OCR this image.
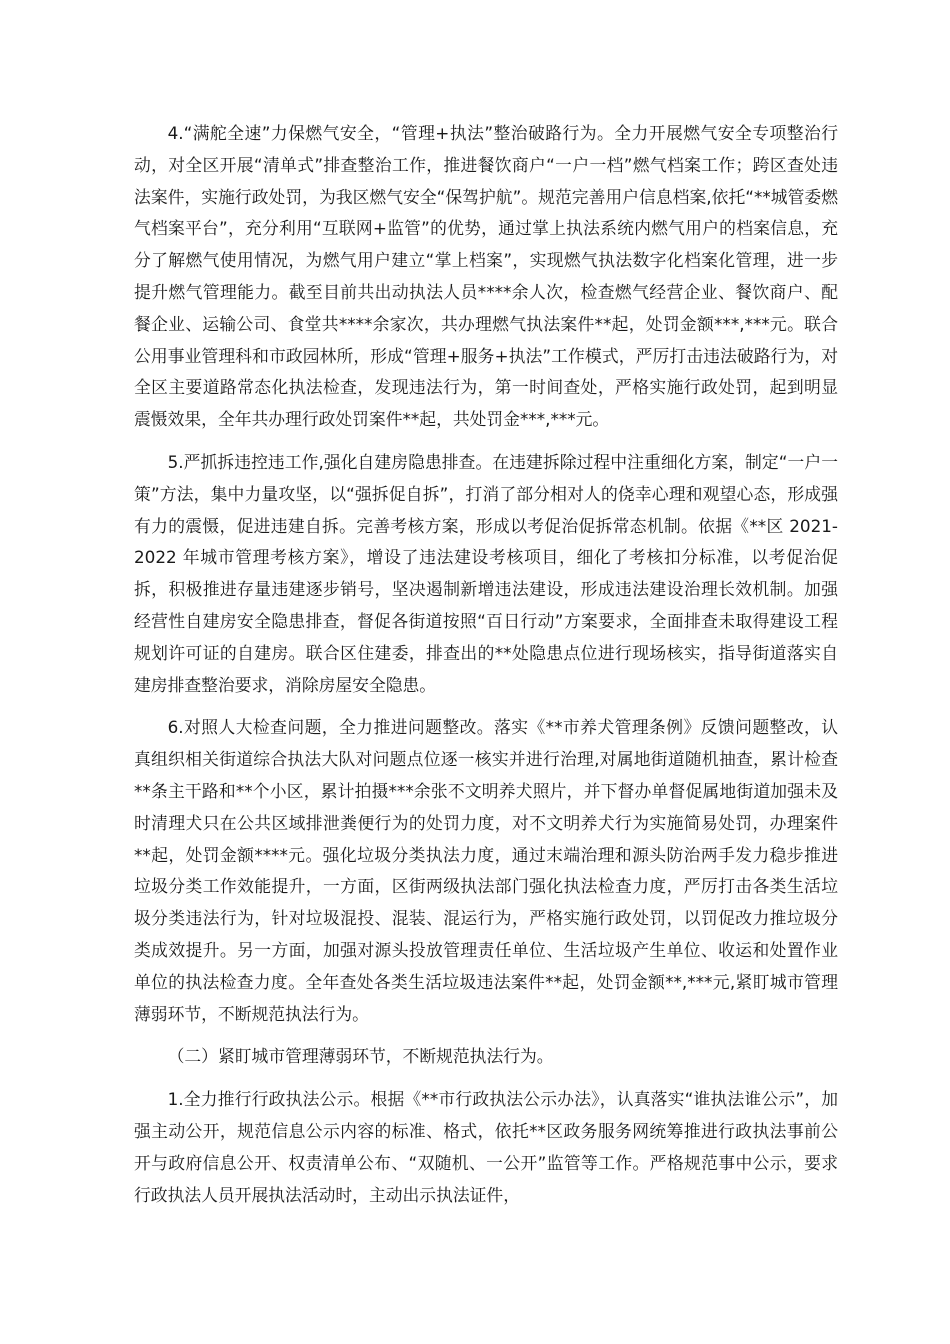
4.“满舵全速”力保燃气安全，“管理+执法”整治破路行为。全力开展燃气安全专项整治行动，对全区开展“清单式”排查整治工作，推进餐饮商户“一户一档”燃气档案工作；跨区查处违法案件，实施行政处罚，为我区燃气安全“保驾护航”。规范完善用户信息档案,依托“**城管委燃气档案平台”，充分利用“互联网+监管”的优势，通过掌上执法系统内燃气用户的档案信息，充分了解燃气使用情况，为燃气用户建立“掌上档案”，实现燃气执法数字化档案化管理，进一步提升燃气管理能力。截至目前共出动执法人员****余人次，检查燃气经营企业、餐饮商户、配餐企业、运输公司、食堂共****余家次，共办理燃气执法案件**起，处罚金额***,***元。联合公用事业管理科和市政园林所，形成“管理+服务+执法”工作模式，严厉打击违法破路行为，对全区主要道路常态化执法检查，发现违法行为，第一时间查处，严格实施行政处罚，起到明显震慑效果，全年共办理行政处罚案件**起，共处罚金***,***元。

5.严抓拆违控违工作,强化自建房隐患排查。在违建拆除过程中注重细化方案，制定“一户一策”方法，集中力量攻坚，以“强拆促自拆”，打消了部分相对人的侥幸心理和观望心态，形成强有力的震慑，促进违建自拆。完善考核方案，形成以考促治促拆常态机制。依据《**区 2021-2022 年城市管理考核方案》，增设了违法建设考核项目，细化了考核扣分标准，以考促治促拆，积极推进存量违建逐步销号，坚决遏制新增违法建设，形成违法建设治理长效机制。加强经营性自建房安全隐患排查，督促各街道按照“百日行动”方案要求，全面排查未取得建设工程规划许可证的自建房。联合区住建委，排查出的**处隐患点位进行现场核实，指导街道落实自建房排查整治要求，消除房屋安全隐患。

6.对照人大检查问题，全力推进问题整改。落实《**市养犬管理条例》反馈问题整改，认真组织相关街道综合执法大队对问题点位逐一核实并进行治理,对属地街道随机抽查，累计检查**条主干路和**个小区，累计拍摄***余张不文明养犬照片，并下督办单督促属地街道加强未及时清理犬只在公共区域排泄粪便行为的处罚力度，对不文明养犬行为实施简易处罚，办理案件**起，处罚金额****元。强化垃圾分类执法力度，通过末端治理和源头防治两手发力稳步推进垃圾分类工作效能提升，一方面，区街两级执法部门强化执法检查力度，严厉打击各类生活垃圾分类违法行为，针对垃圾混投、混装、混运行为，严格实施行政处罚，以罚促改力推垃圾分类成效提升。另一方面，加强对源头投放管理责任单位、生活垃圾产生单位、收运和处置作业单位的执法检查力度。全年查处各类生活垃圾违法案件**起，处罚金额**,***元,紧盯城市管理薄弱环节，不断规范执法行为。

（二）紧盯城市管理薄弱环节，不断规范执法行为。

1.全力推行行政执法公示。根据《**市行政执法公示办法》，认真落实“谁执法谁公示”，加强主动公开，规范信息公示内容的标准、格式，依托**区政务服务网统筹推进行政执法事前公开与政府信息公开、权责清单公布、“双随机、一公开”监管等工作。严格规范事中公示，要求行政执法人员开展执法活动时，主动出示执法证件，
